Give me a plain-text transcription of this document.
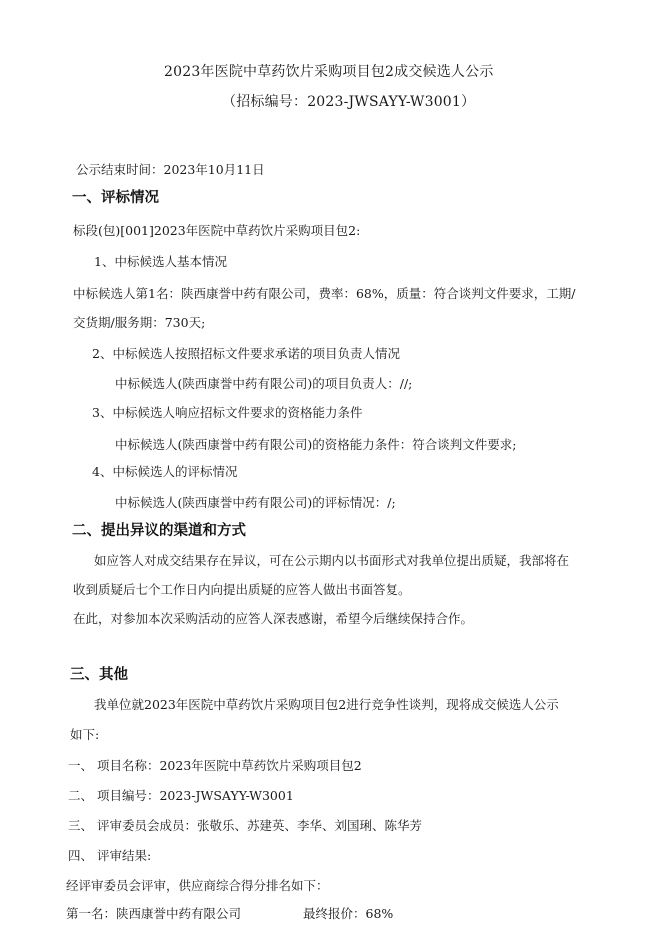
2023年医院中草药饮片采购项目包2成交候选人公示
（招标编号：2023-JWSAYY-W3001）
公示结束时间：2023年10月11日
一、评标情况
标段(包)[001]2023年医院中草药饮片采购项目包2:
1、中标候选人基本情况
中标候选人第1名：陕西康誉中药有限公司，费率：68%，质量：符合谈判文件要求，工期/
交货期/服务期：730天;
2、中标候选人按照招标文件要求承诺的项目负责人情况
中标候选人(陕西康誉中药有限公司)的项目负责人：//;
3、中标候选人响应招标文件要求的资格能力条件
中标候选人(陕西康誉中药有限公司)的资格能力条件：符合谈判文件要求;
4、中标候选人的评标情况
中标候选人(陕西康誉中药有限公司)的评标情况：/;
二、提出异议的渠道和方式
如应答人对成交结果存在异议，可在公示期内以书面形式对我单位提出质疑，我部将在
收到质疑后七个工作日内向提出质疑的应答人做出书面答复。
在此，对参加本次采购活动的应答人深表感谢，希望今后继续保持合作。
三、其他
我单位就2023年医院中草药饮片采购项目包2进行竞争性谈判，现将成交候选人公示
如下:
一、 项目名称：2023年医院中草药饮片采购项目包2
二、 项目编号：2023-JWSAYY-W3001
三、 评审委员会成员：张敬乐、苏建英、李华、刘国琍、陈华芳
四、 评审结果:
经评审委员会评审，供应商综合得分排名如下：
第一名：陕西康誉中药有限公司	最终报价：68%
